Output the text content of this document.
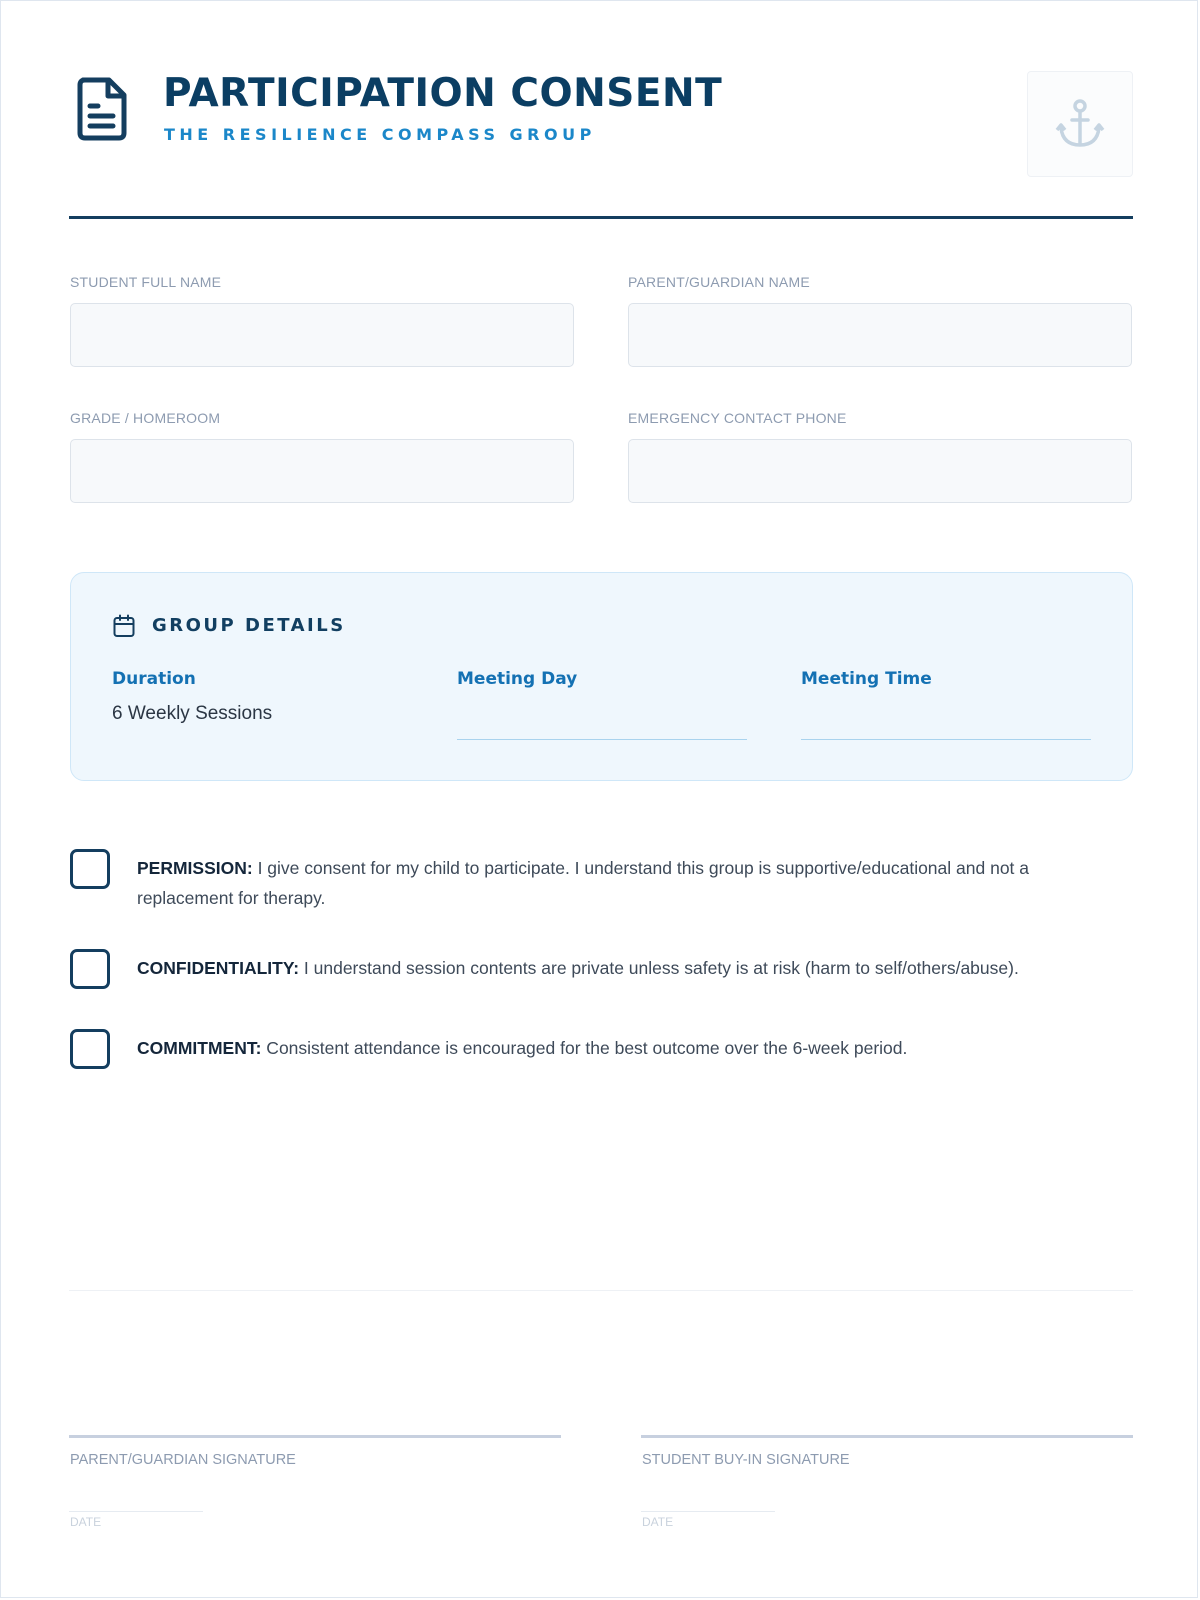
PARTICIPATION CONSENT
THE RESILIENCE COMPASS GROUP
STUDENT FULL NAME	PARENT/GUARDIAN NAME
GRADE / HOMEROOM	EMERGENCY CONTACT PHONE
GROUP DETAILS
Duration
6 Weekly Sessions
Meeting Day	Meeting Time
PERMISSION: I give consent for my child to participate. I understand this group is supportive/educational and not a replacement for therapy.
CONFIDENTIALITY: I understand session contents are private unless safety is at risk (harm to self/others/abuse).
COMMITMENT: Consistent attendance is encouraged for the best outcome over the 6-week period.
PARENT/GUARDIAN SIGNATURE
DATE
STUDENT BUY-IN SIGNATURE
DATE
